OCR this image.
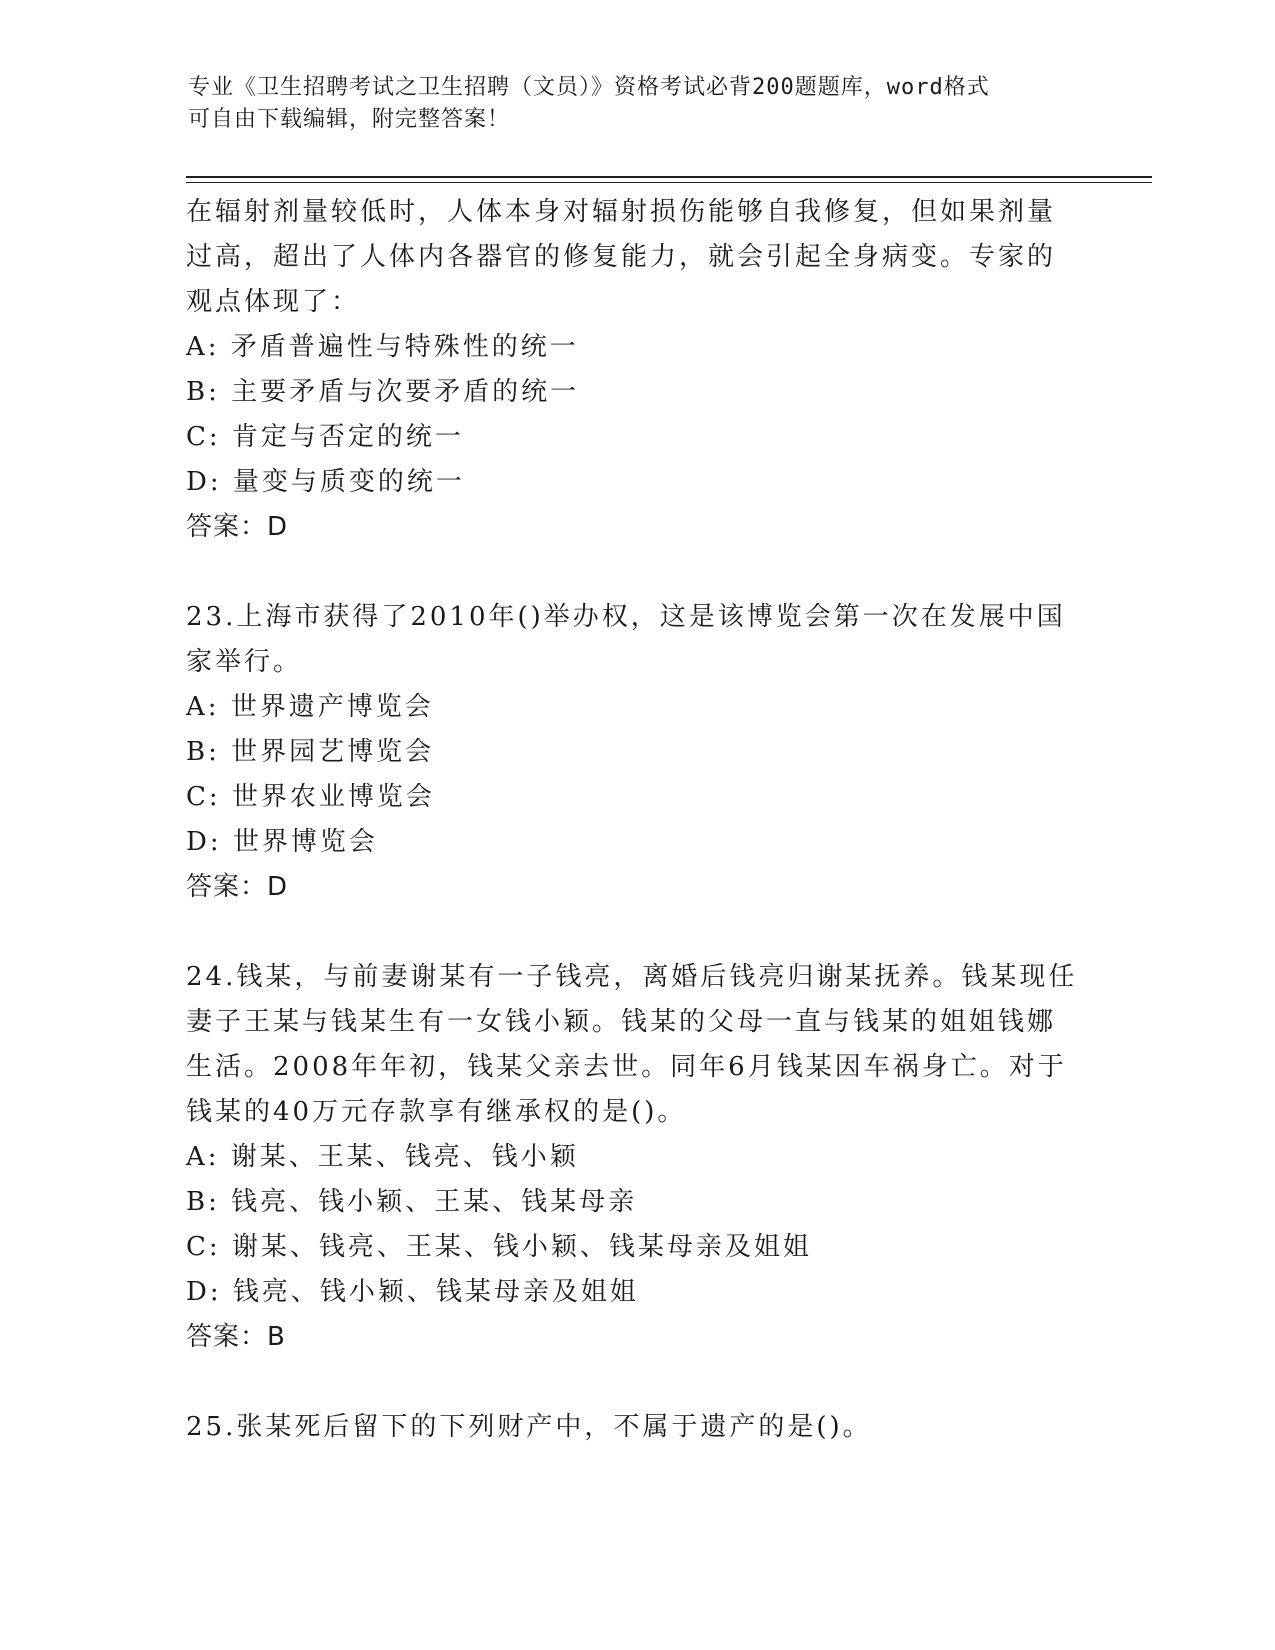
专业《卫生招聘考试之卫生招聘（文员）》资格考试必背200题题库，word格式
可自由下载编辑，附完整答案！
在辐射剂量较低时，人体本身对辐射损伤能够自我修复，但如果剂量
过高，超出了人体内各器官的修复能力，就会引起全身病变。专家的
观点体现了：
A: 矛盾普遍性与特殊性的统一
B: 主要矛盾与次要矛盾的统一
C: 肯定与否定的统一
D: 量变与质变的统一
答案：D
23.上海市获得了2010年()举办权，这是该博览会第一次在发展中国
家举行。
A: 世界遗产博览会
B: 世界园艺博览会
C: 世界农业博览会
D: 世界博览会
答案：D
24.钱某，与前妻谢某有一子钱亮，离婚后钱亮归谢某抚养。钱某现任
妻子王某与钱某生有一女钱小颖。钱某的父母一直与钱某的姐姐钱娜
生活。2008年年初，钱某父亲去世。同年6月钱某因车祸身亡。对于
钱某的40万元存款享有继承权的是()。
A: 谢某、王某、钱亮、钱小颖
B: 钱亮、钱小颖、王某、钱某母亲
C: 谢某、钱亮、王某、钱小颖、钱某母亲及姐姐
D: 钱亮、钱小颖、钱某母亲及姐姐
答案：B
25.张某死后留下的下列财产中，不属于遗产的是()。
